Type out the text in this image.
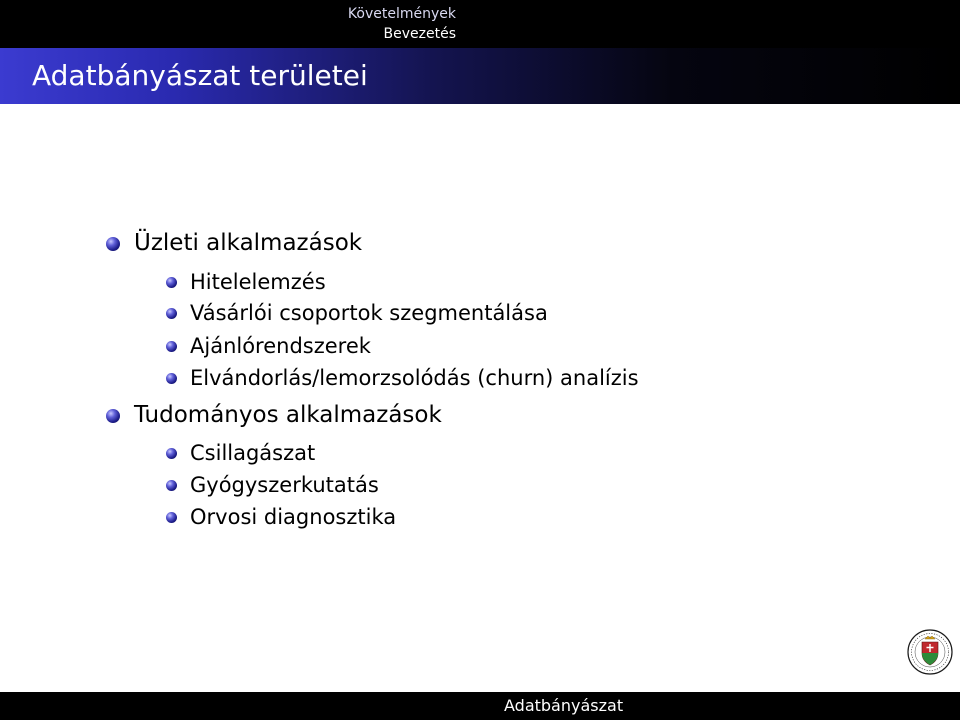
Követelmények
Bevezetés
Adatbányászat területei
Üzleti alkalmazások
Hitelelemzés
Vásárlói csoportok szegmentálása
Ajánlórendszerek
Elvándorlás/lemorzsolódás (churn) analízis
Tudományos alkalmazások
Csillagászat
Gyógyszerkutatás
Orvosi diagnosztika
Adatbányászat
